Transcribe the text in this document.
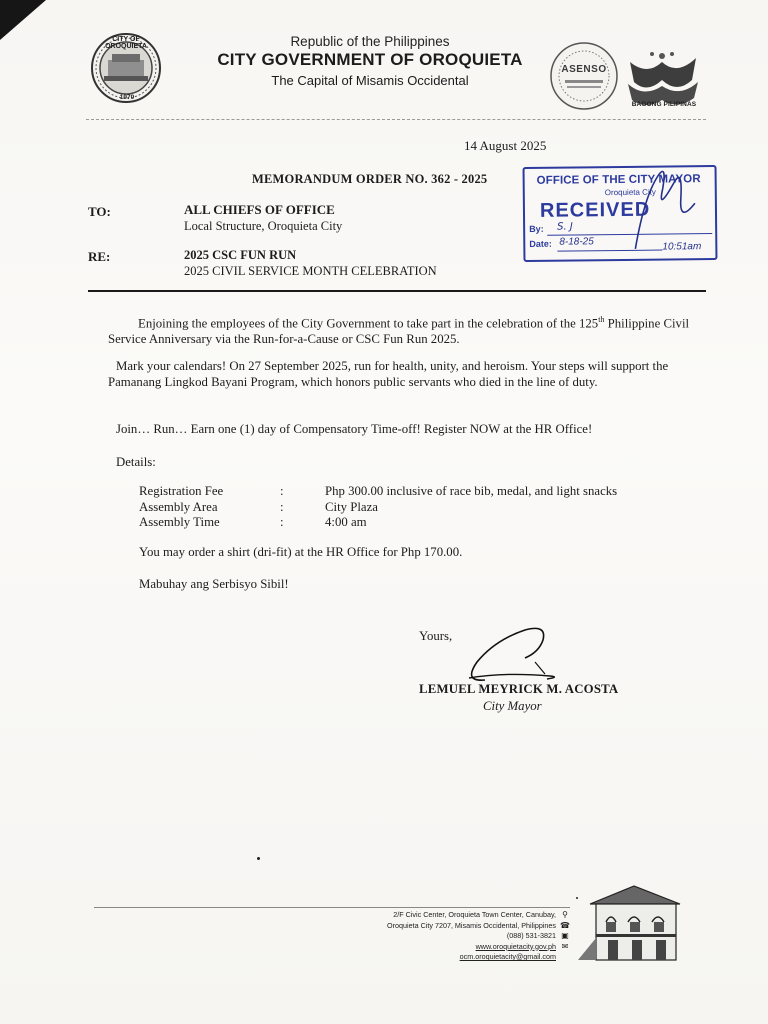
CITY OF OROQUIETA
1970
Republic of the Philippines
CITY GOVERNMENT OF OROQUIETA
The Capital of Misamis Occidental
ASENSO
BAGONG PILIPINAS
14 August 2025
MEMORANDUM ORDER NO. 362 - 2025	OFFICE OF THE CITY MAYOR
Oroquieta City
RECEIVED
By: S. J
Date: 8-18-25	10:51am
TO:	ALL CHIEFS OF OFFICE
Local Structure, Oroquieta City
RE:	2025 CSC FUN RUN
2025 CIVIL SERVICE MONTH CELEBRATION
Enjoining the employees of the City Government to take part in the celebration of the 125th Philippine Civil Service Anniversary via the Run-for-a-Cause or CSC Fun Run 2025.
Mark your calendars! On 27 September 2025, run for health, unity, and heroism. Your steps will support the Pamanang Lingkod Bayani Program, which honors public servants who died in the line of duty.
Join… Run… Earn one (1) day of Compensatory Time-off! Register NOW at the HR Office!
Details:
Registration Fee	:	Php 300.00 inclusive of race bib, medal, and light snacks
Assembly Area	:	City Plaza
Assembly Time	:	4:00 am
You may order a shirt (dri-fit) at the HR Office for Php 170.00.
Mabuhay ang Serbisyo Sibil!
Yours,
LEMUEL MEYRICK M. ACOSTA
City Mayor
2/F Civic Center, Oroquieta Town Center, Canubay,
Oroquieta City 7207, Misamis Occidental, Philippines
(088) 531-3821
www.oroquietacity.gov.ph
ocm.oroquietacity@gmail.com
⚲
☎
▣
✉
